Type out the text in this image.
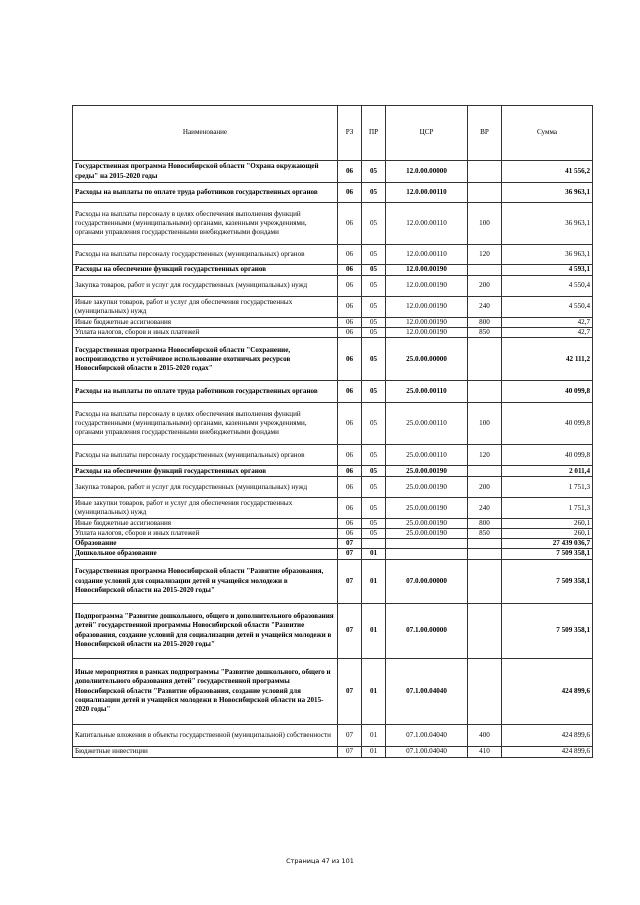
Наименование	РЗ	ПР	ЦСР	ВР	Сумма
Государственная программа Новосибирской области "Охрана окружающей среды" на 2015-2020 годы	06	05	12.0.00.00000		41 556,2
Расходы на выплаты по оплате труда работников государственных органов	06	05	12.0.00.00110		36 963,1
Расходы на выплаты персоналу в целях обеспечения выполнения функций государственными (муниципальными) органами, казенными учреждениями, органами управления государственными внебюджетными фондами	06	05	12.0.00.00110	100	36 963,1
Расходы на выплаты персоналу государственных (муниципальных) органов	06	05	12.0.00.00110	120	36 963,1
Расходы на обеспечение функций государственных органов	06	05	12.0.00.00190		4 593,1
Закупка товаров, работ и услуг для государственных (муниципальных) нужд	06	05	12.0.00.00190	200	4 550,4
Иные закупки товаров, работ и услуг для обеспечения государственных (муниципальных) нужд	06	05	12.0.00.00190	240	4 550,4
Иные бюджетные ассигнования	06	05	12.0.00.00190	800	42,7
Уплата налогов, сборов и иных платежей	06	05	12.0.00.00190	850	42,7
Государственная программа Новосибирской области "Сохранение, воспроизводство и устойчивое использование охотничьих ресурсов Новосибирской области в 2015-2020 годах"	06	05	25.0.00.00000		42 111,2
Расходы на выплаты по оплате труда работников государственных органов	06	05	25.0.00.00110		40 099,8
Расходы на выплаты персоналу в целях обеспечения выполнения функций государственными (муниципальными) органами, казенными учреждениями, органами управления государственными внебюджетными фондами	06	05	25.0.00.00110	100	40 099,8
Расходы на выплаты персоналу государственных (муниципальных) органов	06	05	25.0.00.00110	120	40 099,8
Расходы на обеспечение функций государственных органов	06	05	25.0.00.00190		2 011,4
Закупка товаров, работ и услуг для государственных (муниципальных) нужд	06	05	25.0.00.00190	200	1 751,3
Иные закупки товаров, работ и услуг для обеспечения государственных (муниципальных) нужд	06	05	25.0.00.00190	240	1 751,3
Иные бюджетные ассигнования	06	05	25.0.00.00190	800	260,1
Уплата налогов, сборов и иных платежей	06	05	25.0.00.00190	850	260,1
Образование	07				27 439 036,7
Дошкольное образование	07	01			7 509 358,1
Государственная программа Новосибирской области "Развитие образования, создание условий для социализации детей и учащейся молодежи в Новосибирской области на 2015-2020 годы"	07	01	07.0.00.00000		7 509 358,1
Подпрограмма "Развитие дошкольного, общего и дополнительного образования детей" государственной программы Новосибирской области "Развитие образования, создание условий для социализации детей и учащейся молодежи в Новосибирской области на 2015-2020 годы"	07	01	07.1.00.00000		7 509 358,1
Иные мероприятия в рамках подпрограммы "Развитие дошкольного, общего и дополнительного образования детей" государственной программы Новосибирской области "Развитие образования, создание условий для социализации детей и учащейся молодежи в Новосибирской области на 2015-2020 годы"	07	01	07.1.00.04040		424 899,6
Капитальные вложения в объекты государственной (муниципальной) собственности	07	01	07.1.00.04040	400	424 899,6
Бюджетные инвестиции	07	01	07.1.00.04040	410	424 899,6
Страница 47 из 101
